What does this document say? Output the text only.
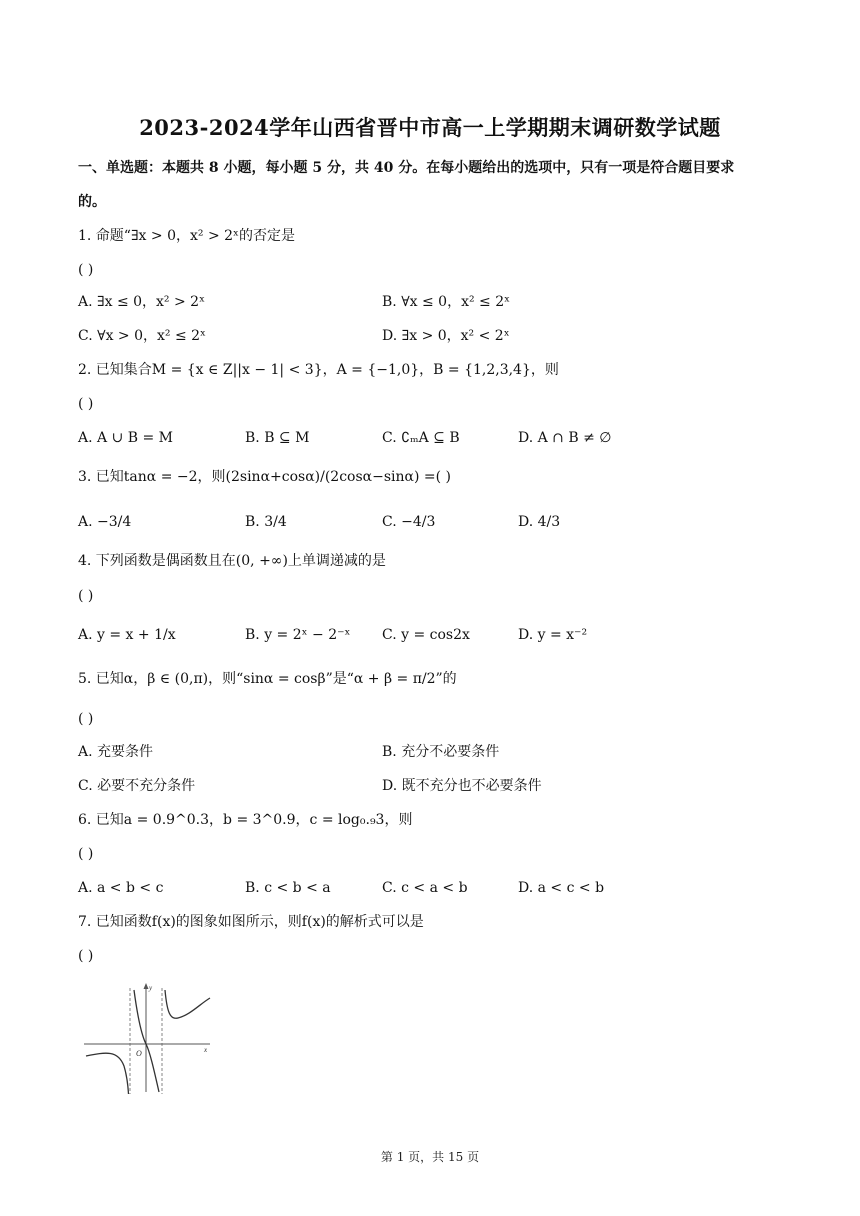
2023-2024学年山西省晋中市高一上学期期末调研数学试题
一、单选题：本题共 8 小题，每小题 5 分，共 40 分。在每小题给出的选项中，只有一项是符合题目要求
的。
1. 命题“∃x > 0，x² > 2ˣ的否定是
( )
A. ∃x ≤ 0，x² > 2ˣ	B. ∀x ≤ 0，x² ≤ 2ˣ
C. ∀x > 0，x² ≤ 2ˣ	D. ∃x > 0，x² < 2ˣ
2. 已知集合M = {x ∈ Z||x − 1| < 3}，A = {−1,0}，B = {1,2,3,4}，则
( )
A. A ∪ B = M	B. B ⊆ M	C. ∁ₘA ⊆ B	D. A ∩ B ≠ ∅
3. 已知tanα = −2，则(2sinα+cosα)/(2cosα−sinα) =( )
A. −3/4	B. 3/4	C. −4/3	D. 4/3
4. 下列函数是偶函数且在(0, +∞)上单调递减的是
( )
A. y = x + 1/x	B. y = 2ˣ − 2⁻ˣ C. y = cos2x	D. y = x⁻²
5. 已知α，β ∈ (0,π)，则“sinα = cosβ”是“α + β = π/2”的
( )
A. 充要条件	B. 充分不必要条件
C. 必要不充分条件	D. 既不充分也不必要条件
6. 已知a = 0.9^0.3，b = 3^0.9，c = log₀.₉3，则
( )
A. a < b < c	B. c < b < a	C. c < a < b	D. a < c < b
7. 已知函数f(x)的图象如图所示，则f(x)的解析式可以是
( )
O	x
y
第 1 页，共 15 页
